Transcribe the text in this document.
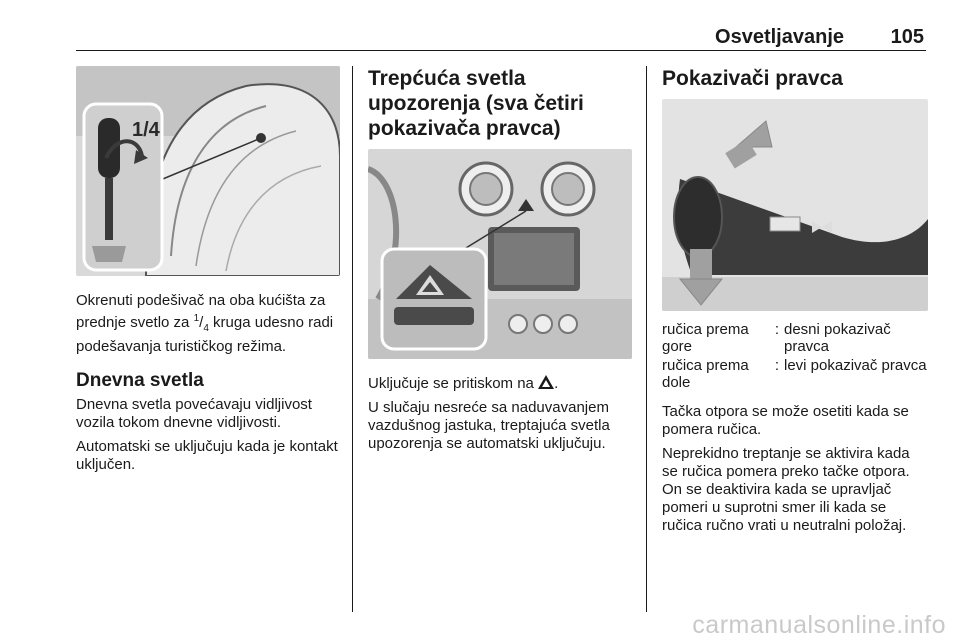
Osvetljavanje 105
1/4

Okrenuti podešivač na oba kućišta za prednje svetlo za $^1/_4$ kruga udesno radi podešavanja turističkog režima.

Dnevna svetla

Dnevna svetla povećavaju vidljivost vozila tokom dnevne vidljivosti.

Automatski se uključuju kada je kontakt uključen.

Trepćuća svetla upozorenja (sva četiri pokazivača pravca)

Uključuje se pritiskom na .

U slučaju nesreće sa naduvavanjem vazdušnog jastuka, treptajuća svetla upozorenja se automatski uključuju.

Pokazivači pravca
ručica prema gore	:	desni pokazivač pravca
ručica prema dole	:	levi pokazivač pravca

Tačka otpora se može osetiti kada se pomera ručica.

Neprekidno treptanje se aktivira kada se ručica pomera preko tačke otpora. On se deaktivira kada se upravljač pomeri u suprotni smer ili kada se ručica ručno vrati u neutralni položaj.

carmanualsonline.info
